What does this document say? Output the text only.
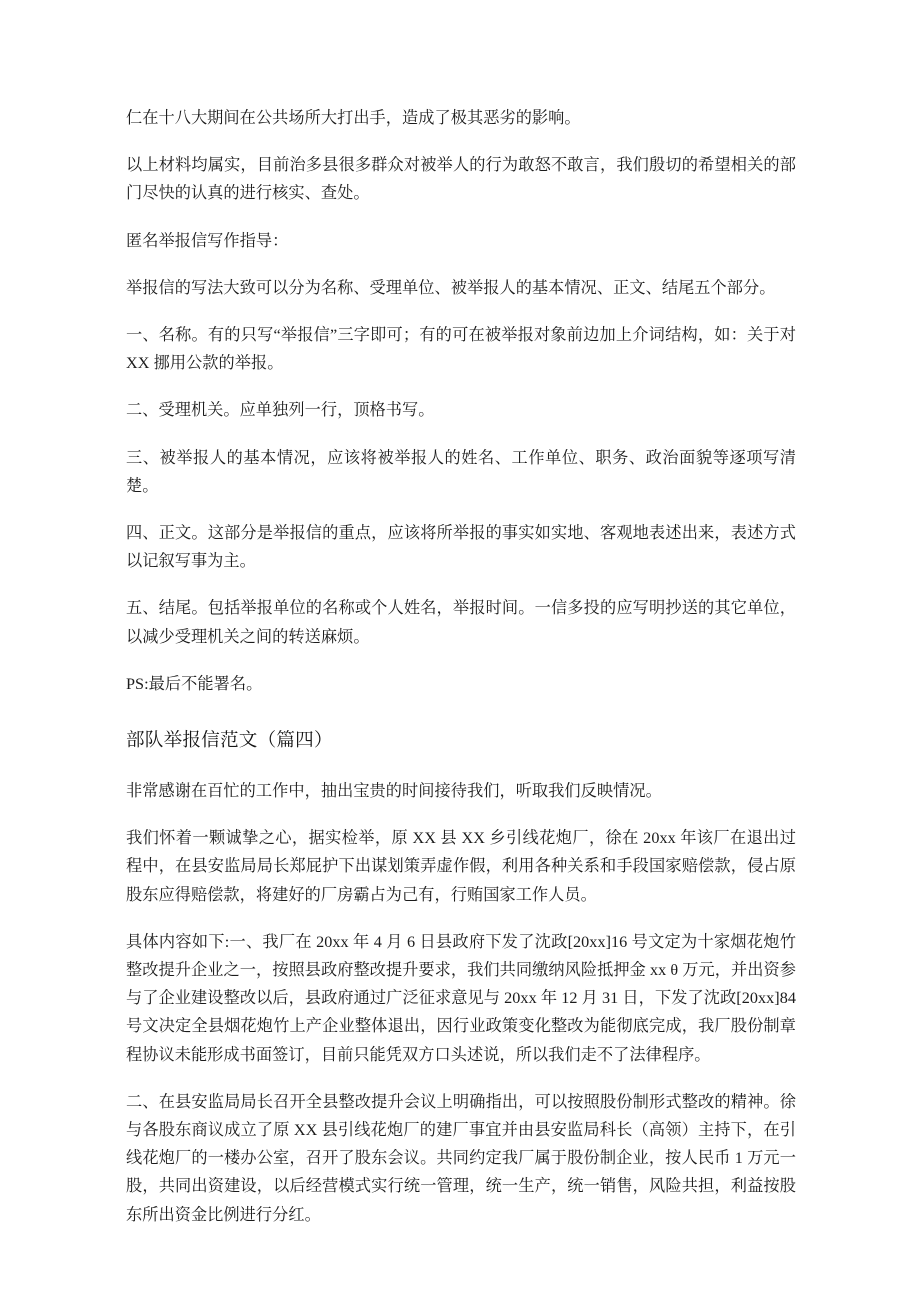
仁在十八大期间在公共场所大打出手，造成了极其恶劣的影响。

以上材料均属实，目前治多县很多群众对被举人的行为敢怒不敢言，我们殷切的希望相关的部门尽快的认真的进行核实、查处。

匿名举报信写作指导：

举报信的写法大致可以分为名称、受理单位、被举报人的基本情况、正文、结尾五个部分。

一、名称。有的只写“举报信”三字即可；有的可在被举报对象前边加上介词结构，如：关于对 XX 挪用公款的举报。

二、受理机关。应单独列一行，顶格书写。

三、被举报人的基本情况，应该将被举报人的姓名、工作单位、职务、政治面貌等逐项写清楚。

四、正文。这部分是举报信的重点，应该将所举报的事实如实地、客观地表述出来，表述方式以记叙写事为主。

五、结尾。包括举报单位的名称或个人姓名，举报时间。一信多投的应写明抄送的其它单位，以减少受理机关之间的转送麻烦。

PS:最后不能署名。

部队举报信范文（篇四）

非常感谢在百忙的工作中，抽出宝贵的时间接待我们，听取我们反映情况。

我们怀着一颗诚挚之心，据实检举，原 XX 县 XX 乡引线花炮厂，徐在 20xx 年该厂在退出过程中，在县安监局局长郑屁护下出谋划策弄虚作假，利用各种关系和手段国家赔偿款，侵占原股东应得赔偿款，将建好的厂房霸占为己有，行贿国家工作人员。

具体内容如下:一、我厂在 20xx 年 4 月 6 日县政府下发了沈政[20xx]16 号文定为十家烟花炮竹整改提升企业之一，按照县政府整改提升要求，我们共同缴纳风险抵押金 xx θ 万元，并出资参与了企业建设整改以后，县政府通过广泛征求意见与 20xx 年 12 月 31 日，下发了沈政[20xx]84 号文决定全县烟花炮竹上产企业整体退出，因行业政策变化整改为能彻底完成，我厂股份制章程协议未能形成书面签订，目前只能凭双方口头述说，所以我们走不了法律程序。

二、在县安监局局长召开全县整改提升会议上明确指出，可以按照股份制形式整改的精神。徐与各股东商议成立了原 XX 县引线花炮厂的建厂事宜并由县安监局科长（高领）主持下，在引线花炮厂的一楼办公室，召开了股东会议。共同约定我厂属于股份制企业，按人民币 1 万元一股，共同出资建设，以后经营模式实行统一管理，统一生产，统一销售，风险共担，利益按股东所出资金比例进行分红。
